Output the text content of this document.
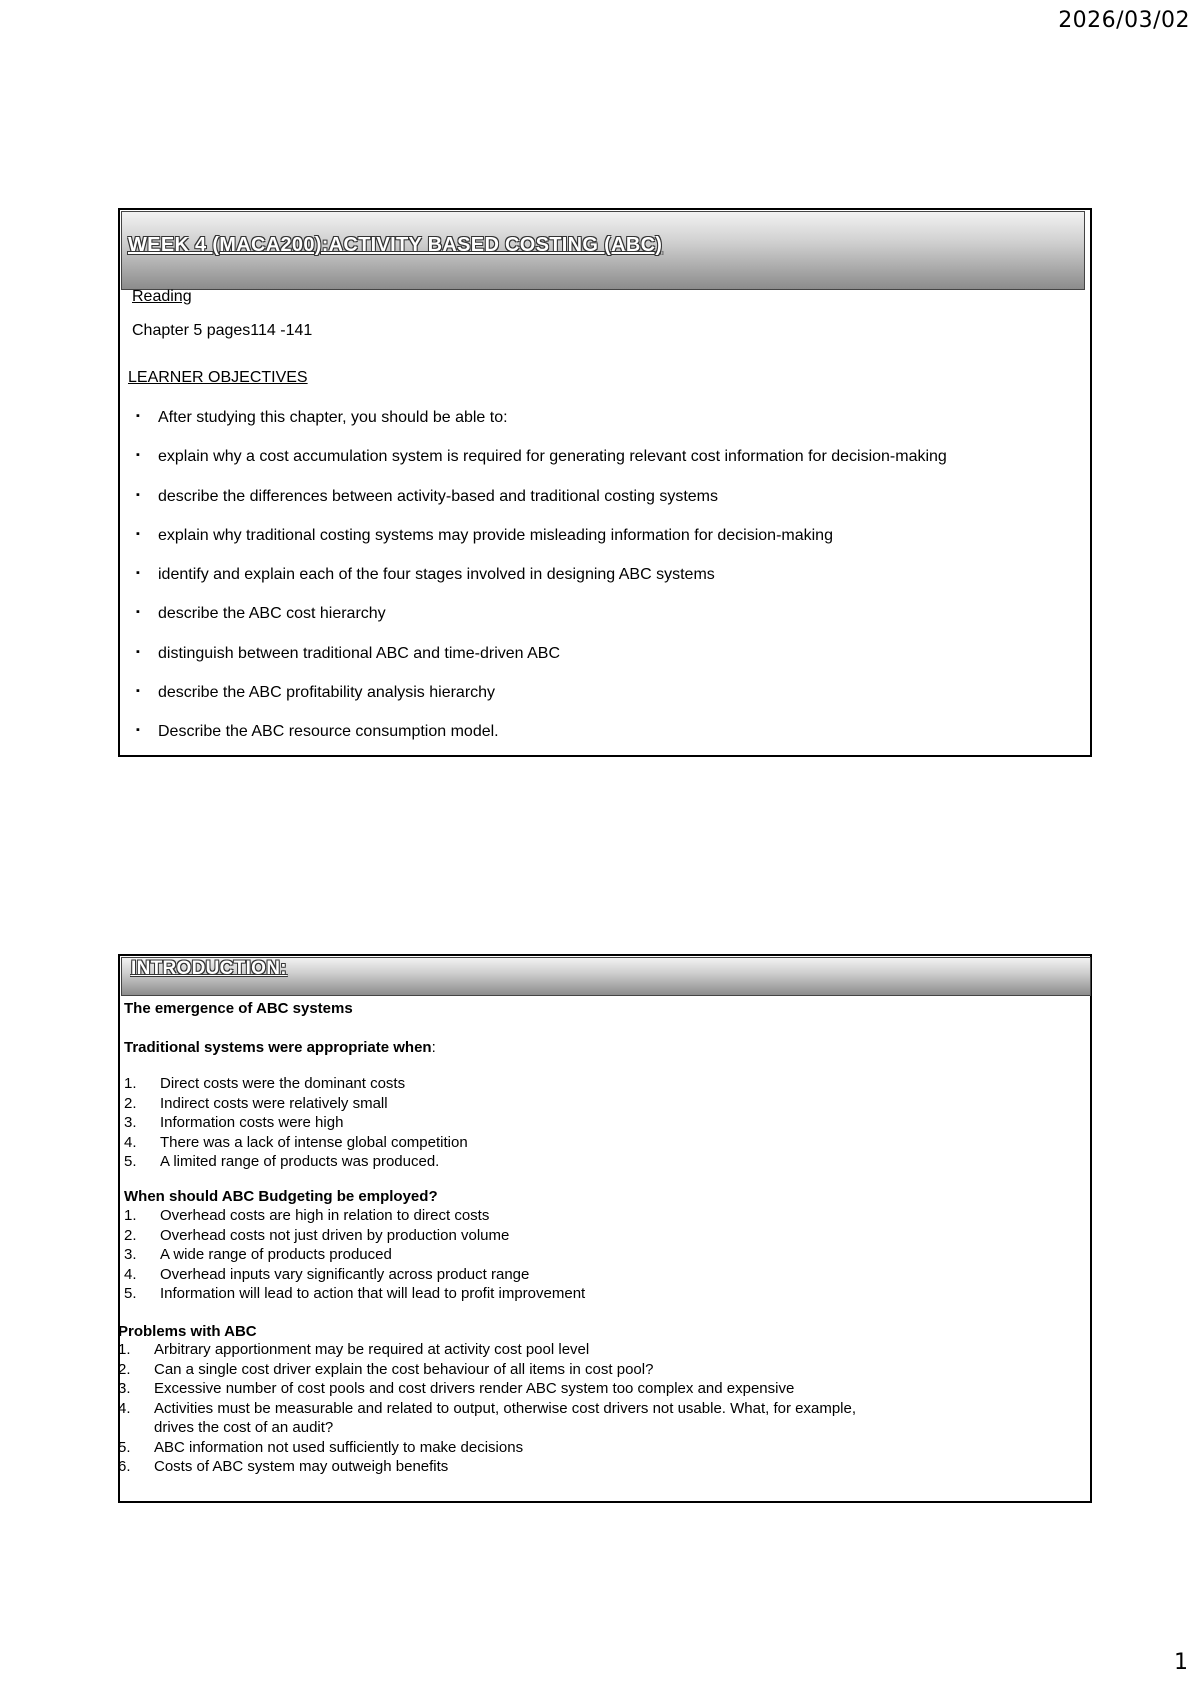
2026/03/02
WEEK 4 (MACA200):ACTIVITY BASED COSTING (ABC)
Reading
Chapter 5 pages114 -141
LEARNER OBJECTIVES
▪ After studying this chapter, you should be able to:
▪ explain why a cost accumulation system is required for generating relevant cost information for decision-making
▪ describe the differences between activity-based and traditional costing systems
▪ explain why traditional costing systems may provide misleading information for decision-making
▪ identify and explain each of the four stages involved in designing ABC systems
▪ describe the ABC cost hierarchy
▪ distinguish between traditional ABC and time-driven ABC
▪ describe the ABC profitability analysis hierarchy
▪ Describe the ABC resource consumption model.
INTRODUCTION:
The emergence of ABC systems
Traditional systems were appropriate when:
1. Direct costs were the dominant costs
2. Indirect costs were relatively small
3. Information costs were high
4. There was a lack of intense global competition
5. A limited range of products was produced.
When should ABC Budgeting be employed?
1. Overhead costs are high in relation to direct costs
2. Overhead costs not just driven by production volume
3. A wide range of products produced
4. Overhead inputs vary significantly across product range
5. Information will lead to action that will lead to profit improvement
Problems with ABC
1. Arbitrary apportionment may be required at activity cost pool level
2. Can a single cost driver explain the cost behaviour of all items in cost pool?
3. Excessive number of cost pools and cost drivers render ABC system too complex and expensive
4. Activities must be measurable and related to output, otherwise cost drivers not usable. What, for example,
drives the cost of an audit?
5. ABC information not used sufficiently to make decisions
6. Costs of ABC system may outweigh benefits
1
